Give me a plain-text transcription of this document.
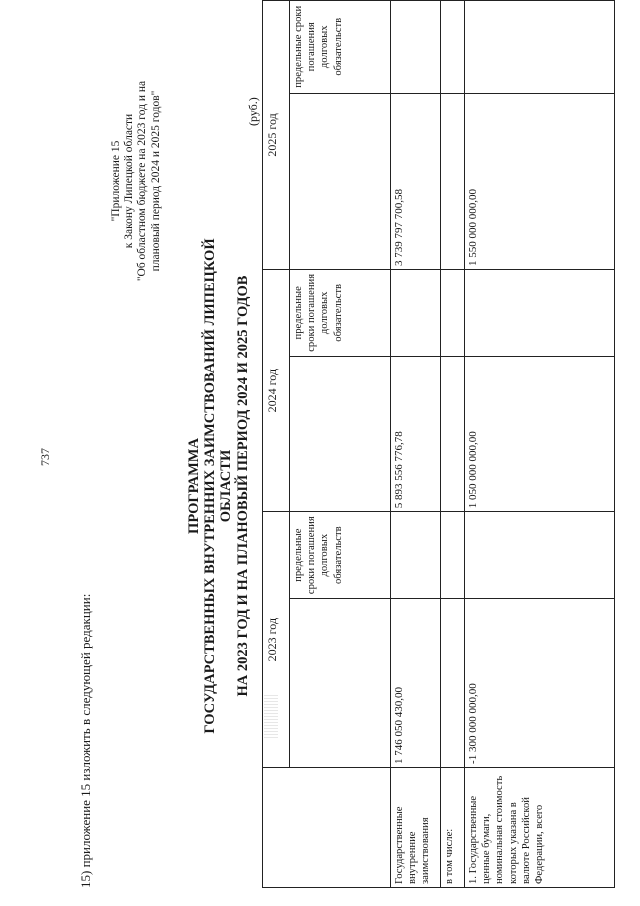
737
15) приложение 15 изложить в следующей редакции:
"Приложение 15 к Закону Липецкой области "Об областном бюджете на 2023 год и на плановый период 2024 и 2025 годов"
ПРОГРАММА ГОСУДАРСТВЕННЫХ ВНУТРЕННИХ ЗАИМСТВОВАНИЙ ЛИПЕЦКОЙ ОБЛАСТИ НА 2023 ГОД И НА ПЛАНОВЫЙ ПЕРИОД 2024 И 2025 ГОДОВ
(руб.)
	2023 год		2024 год		2025 год	
		предельные сроки погашения долговых обязательств		предельные сроки погашения долговых обязательств		предельные сроки погашения долговых обязательств
Государственные внутренние заимствования	1 746 050 430,00		5 893 556 776,78		3 739 797 700,58	
в том числе:						
1. Государственные ценные бумаги, номинальная стоимость которых указана в валюте Российской Федерации, всего	-1 300 000 000,00		1 050 000 000,00		1 550 000 000,00	
